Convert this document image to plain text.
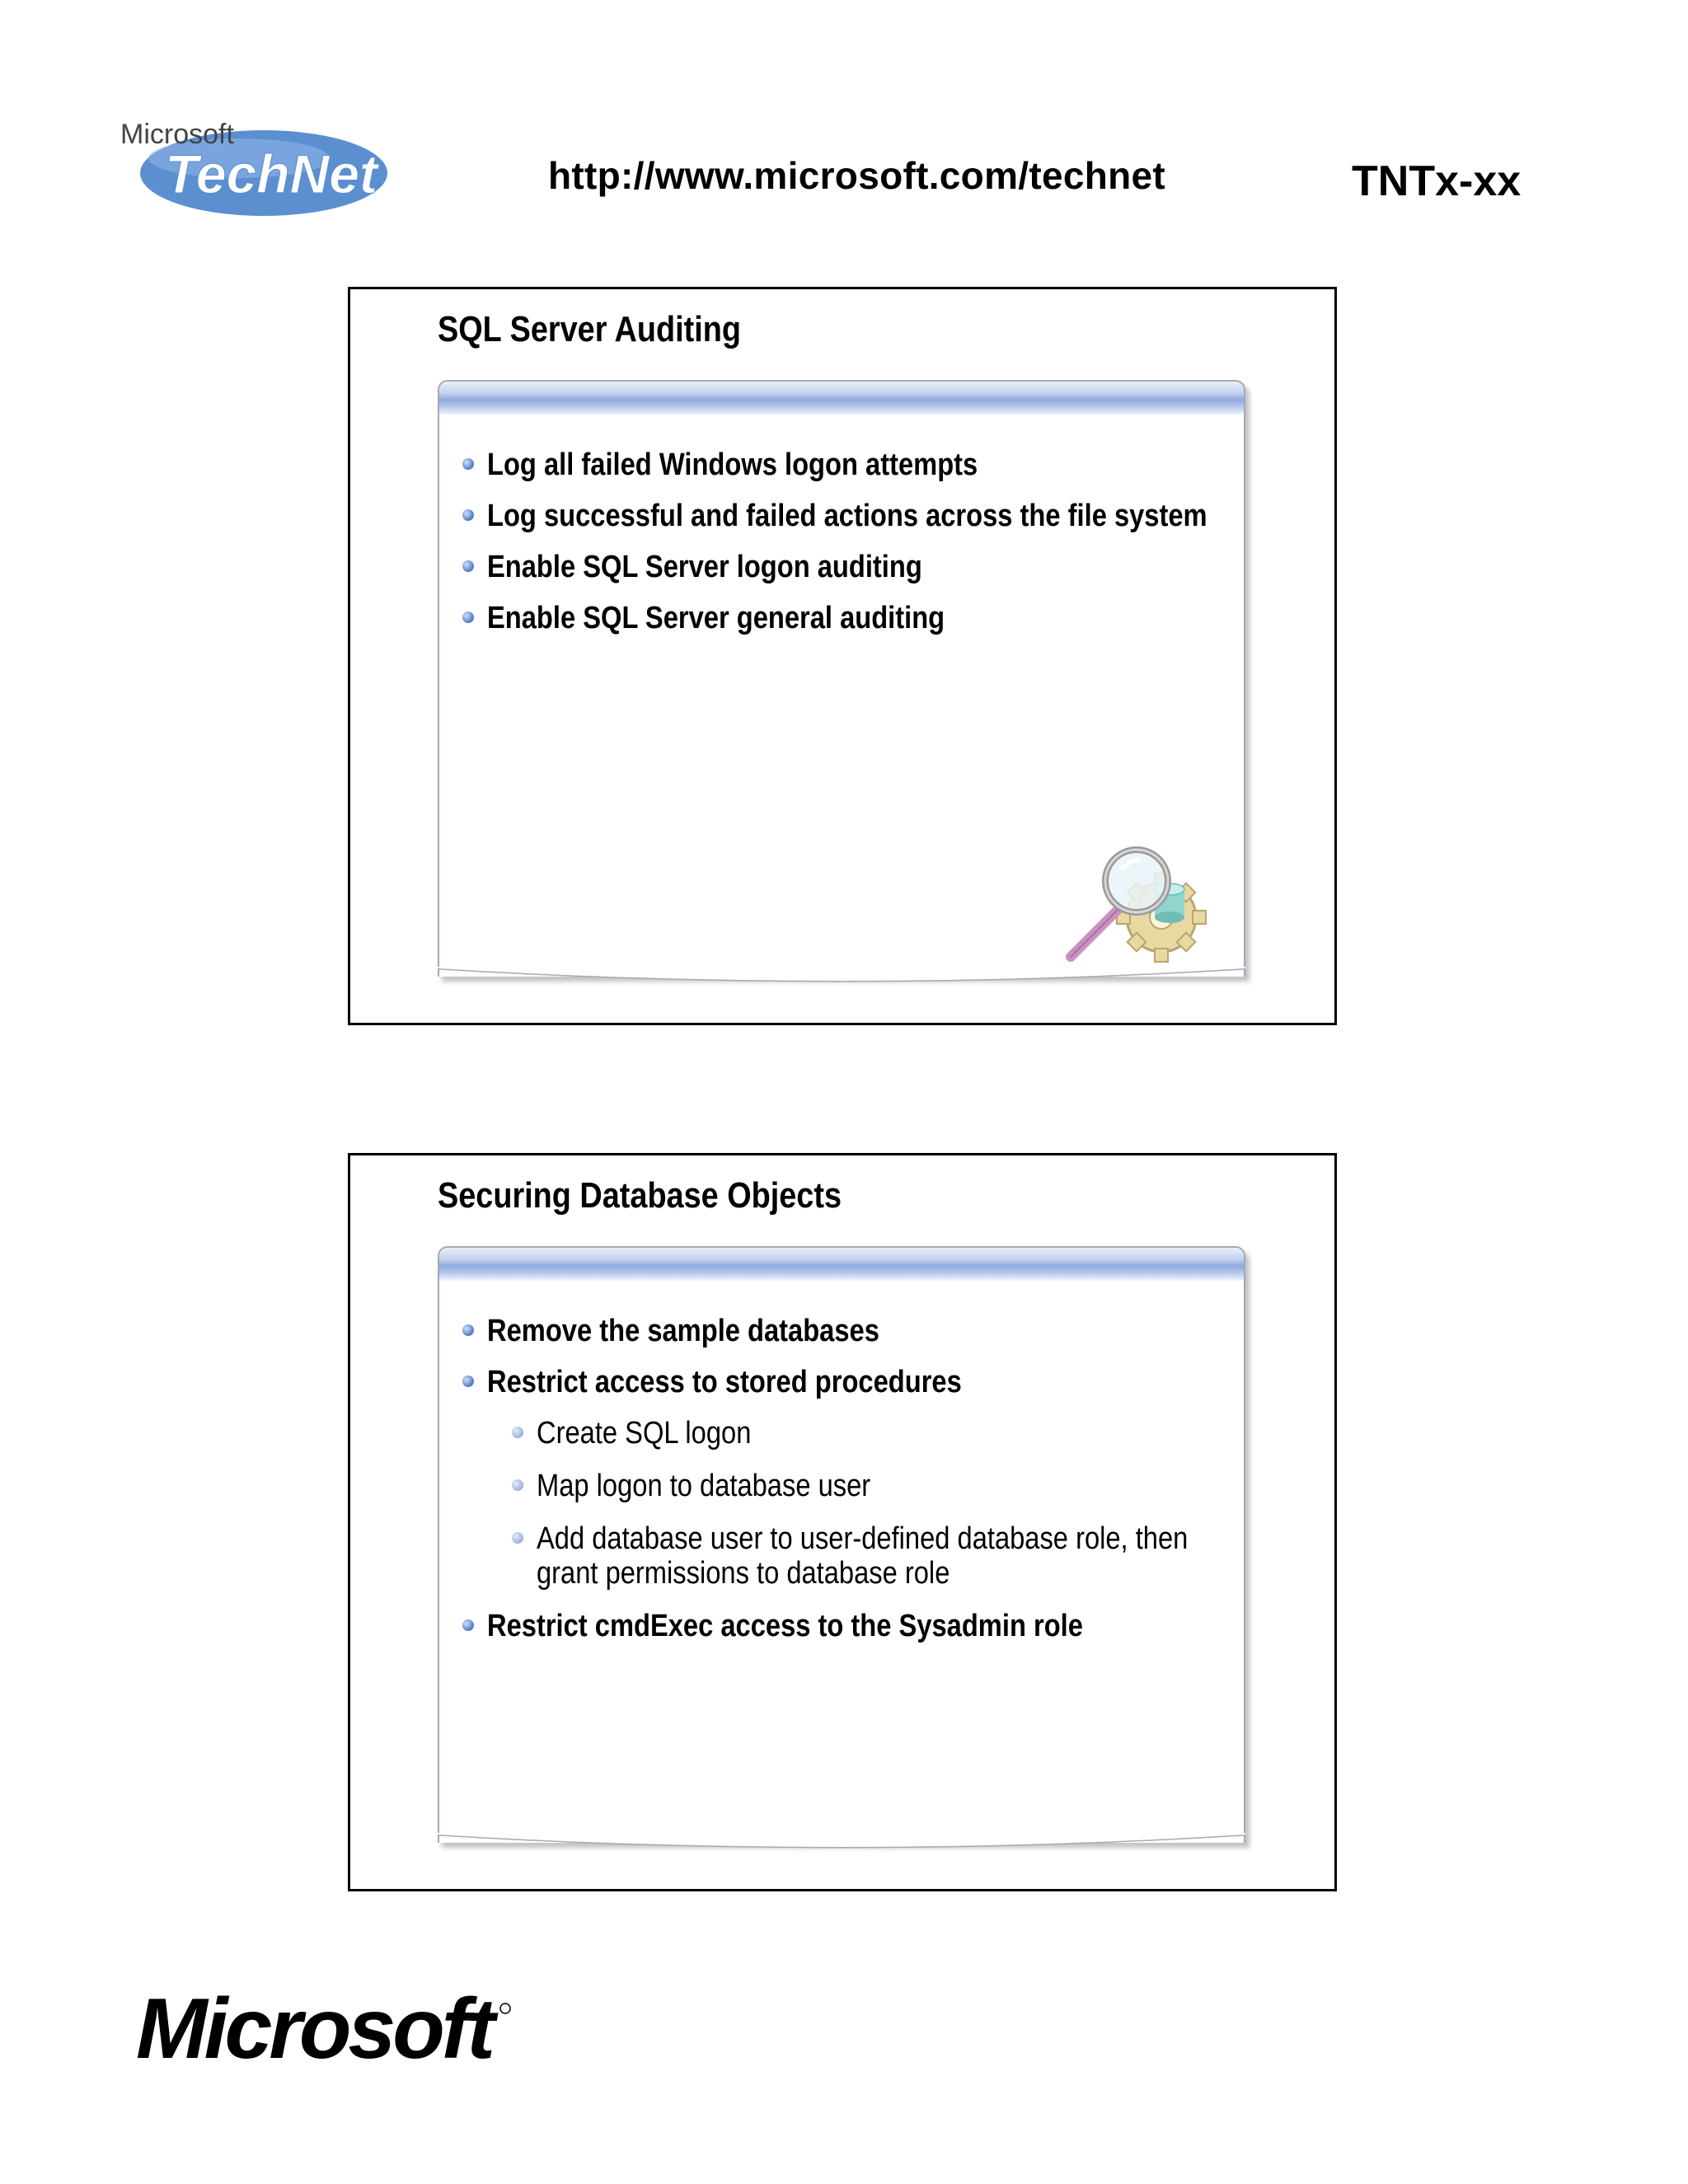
Microsoft
TechNet	http://www.microsoft.com/technet	TNTx-xx
SQL Server Auditing
Log all failed Windows logon attempts
Log successful and failed actions across the file system
Enable SQL Server logon auditing
Enable SQL Server general auditing
Securing Database Objects
Remove the sample databases
Restrict access to stored procedures
Create SQL logon
Map logon to database user
Add database user to user-defined database role, then grant permissions to database role
Restrict cmdExec access to the Sysadmin role
Microsoft
